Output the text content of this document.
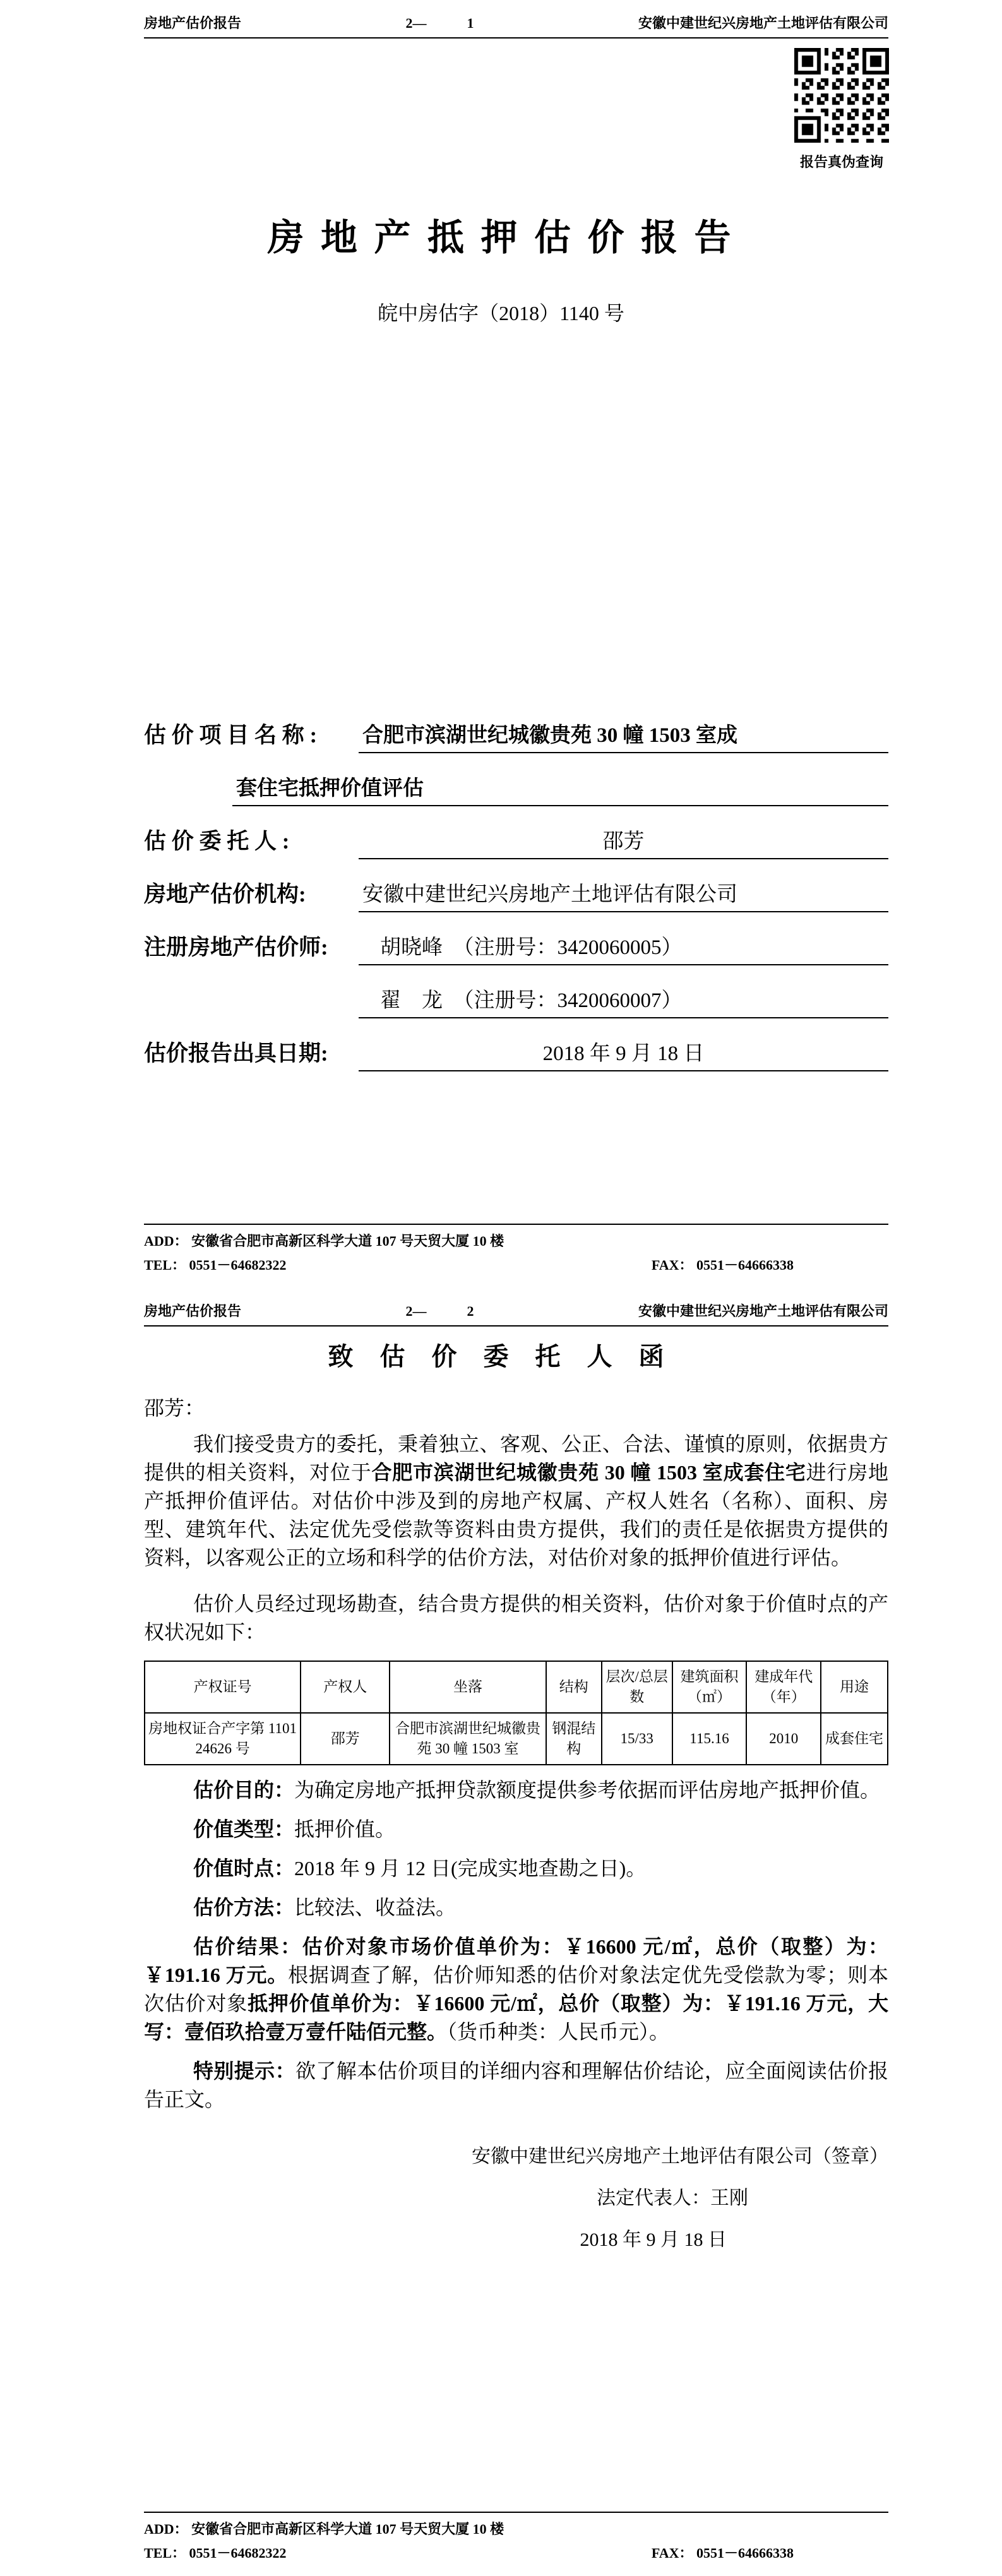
房地产估价报告	2—	1	安徽中建世纪兴房地产土地评估有限公司
报告真伪查询
房 地 产 抵 押 估 价 报 告
皖中房估字（2018）1140 号
估 价 项 目 名 称 :	合肥市滨湖世纪城徽贵苑 30 幢 1503 室成
套住宅抵押价值评估
估 价 委 托 人 :	邵芳
房地产估价机构:	安徽中建世纪兴房地产土地评估有限公司
注册房地产估价师:	胡晓峰　（注册号：3420060005）
翟　龙　（注册号：3420060007）
估价报告出具日期:	2018 年 9 月 18 日
ADD： 安徽省合肥市高新区科学大道 107 号天贸大厦 10 楼
TEL： 0551－64682322	FAX： 0551－64666338
房地产估价报告	2—	2	安徽中建世纪兴房地产土地评估有限公司
致 估 价 委 托 人 函

邵芳：

我们接受贵方的委托，秉着独立、客观、公正、合法、谨慎的原则，依据贵方提供的相关资料，对位于合肥市滨湖世纪城徽贵苑 30 幢 1503 室成套住宅进行房地产抵押价值评估。对估价中涉及到的房地产权属、产权人姓名（名称）、面积、房型、建筑年代、法定优先受偿款等资料由贵方提供，我们的责任是依据贵方提供的资料，以客观公正的立场和科学的估价方法，对估价对象的抵押价值进行评估。

估价人员经过现场勘查，结合贵方提供的相关资料，估价对象于价值时点的产权状况如下：

产权证号	产权人	坐落	结构	层次/总层数	建筑面积（㎡）	建成年代（年）	用途
房地权证合产字第 110124626 号	邵芳	合肥市滨湖世纪城徽贵苑 30 幢 1503 室	钢混结构	15/33	115.16	2010	成套住宅

估价目的：为确定房地产抵押贷款额度提供参考依据而评估房地产抵押价值。

价值类型：抵押价值。

价值时点：2018 年 9 月 12 日(完成实地查勘之日)。

估价方法：比较法、收益法。

估价结果：估价对象市场价值单价为：￥16600 元/㎡，总价（取整）为：￥191.16 万元。根据调查了解，估价师知悉的估价对象法定优先受偿款为零；则本次估价对象抵押价值单价为：￥16600 元/㎡，总价（取整）为：￥191.16 万元，大写：壹佰玖拾壹万壹仟陆佰元整。（货币种类：人民币元）。

特别提示：欲了解本估价项目的详细内容和理解估价结论，应全面阅读估价报告正文。

安徽中建世纪兴房地产土地评估有限公司（签章）

法定代表人：王刚

2018 年 9 月 18 日

ADD： 安徽省合肥市高新区科学大道 107 号天贸大厦 10 楼
TEL： 0551－64682322	FAX： 0551－64666338
